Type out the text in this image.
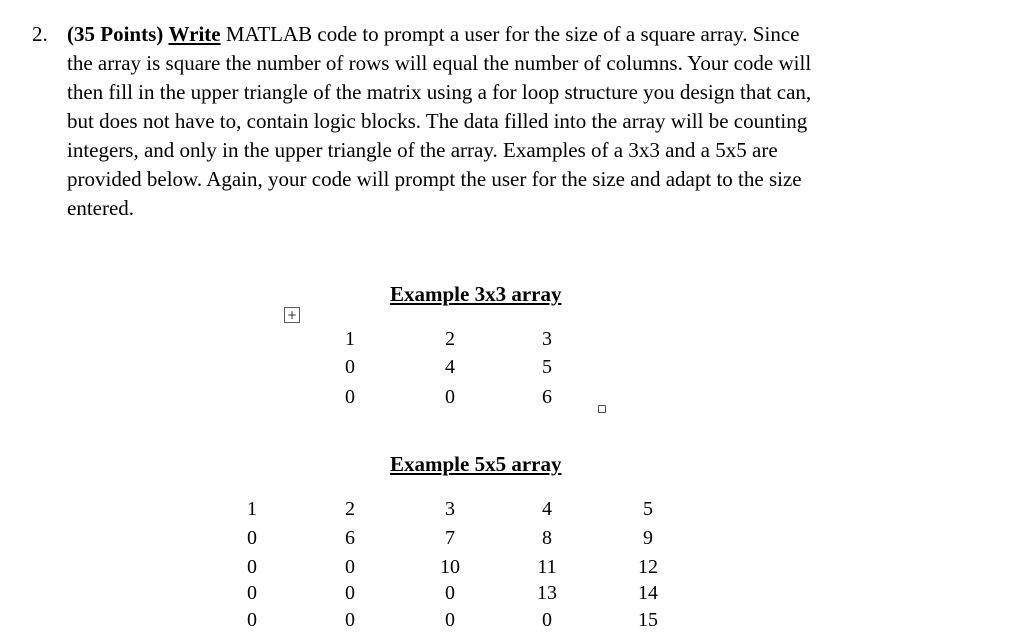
2. (35 Points) Write MATLAB code to prompt a user for the size of a square array. Since
the array is square the number of rows will equal the number of columns. Your code will
then fill in the upper triangle of the matrix using a for loop structure you design that can,
but does not have to, contain logic blocks. The data filled into the array will be counting
integers, and only in the upper triangle of the array. Examples of a 3x3 and a 5x5 are
provided below. Again, your code will prompt the user for the size and adapt to the size
entered.
+
Example 3x3 array
1	2	3
0	4	5
0	0	6
Example 5x5 array
1	2	3	4	5
0	6	7	8	9
0	0	10	11	12
0	0	0	13	14
0	0	0	0	15
